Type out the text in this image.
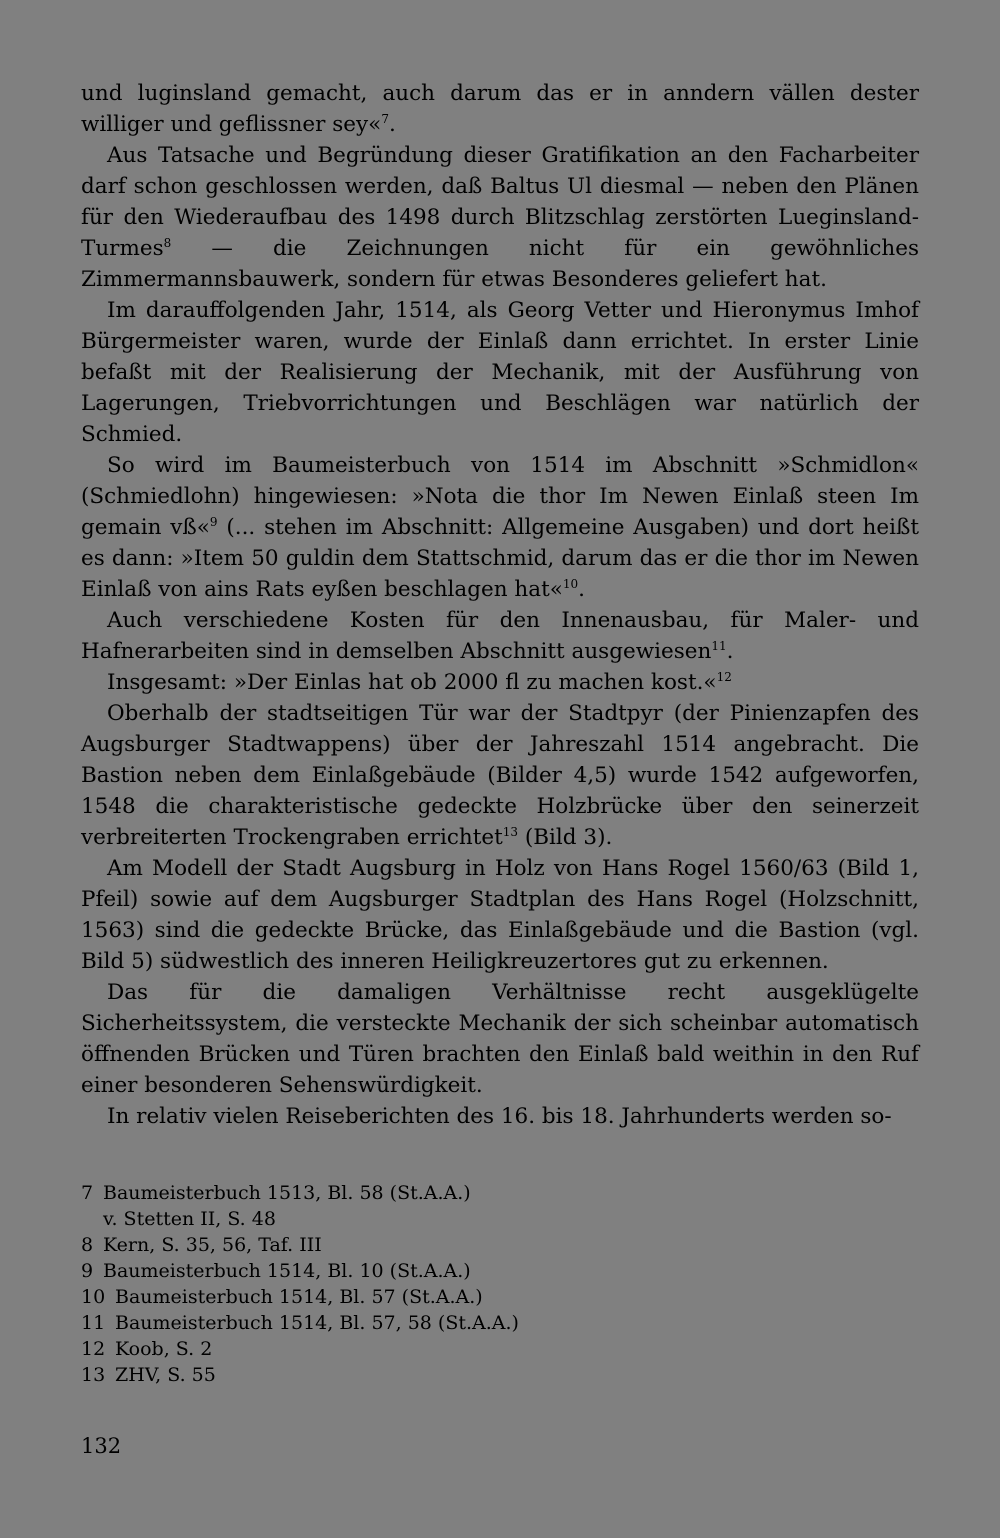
und luginsland gemacht, auch darum das er in anndern vällen dester williger und geflissner sey«$^7$.

Aus Tatsache und Begründung dieser Gratifikation an den Facharbeiter darf schon geschlossen werden, daß Baltus Ul diesmal — neben den Plänen für den Wiederaufbau des 1498 durch Blitzschlag zerstörten Lueginsland-Turmes$^8$ — die Zeichnungen nicht für ein gewöhnliches Zimmermannsbauwerk, sondern für etwas Besonderes geliefert hat.

Im darauffolgenden Jahr, 1514, als Georg Vetter und Hieronymus Imhof Bürgermeister waren, wurde der Einlaß dann errichtet. In erster Linie befaßt mit der Realisierung der Mechanik, mit der Ausführung von Lagerungen, Triebvorrichtungen und Beschlägen war natürlich der Schmied.

So wird im Baumeisterbuch von 1514 im Abschnitt »Schmidlon« (Schmiedlohn) hingewiesen: »Nota die thor Im Newen Einlaß steen Im gemain vß«$^9$ (... stehen im Abschnitt: Allgemeine Ausgaben) und dort heißt es dann: »Item 50 guldin dem Stattschmid, darum das er die thor im Newen Einlaß von ains Rats eyßen beschlagen hat«$^{10}$.

Auch verschiedene Kosten für den Innenausbau, für Maler- und Hafnerarbeiten sind in demselben Abschnitt ausgewiesen$^{11}$.

Insgesamt: »Der Einlas hat ob 2000 fl zu machen kost.«$^{12}$

Oberhalb der stadtseitigen Tür war der Stadtpyr (der Pinienzapfen des Augsburger Stadtwappens) über der Jahreszahl 1514 angebracht. Die Bastion neben dem Einlaßgebäude (Bilder 4,5) wurde 1542 aufgeworfen, 1548 die charakteristische gedeckte Holzbrücke über den seinerzeit verbreiterten Trockengraben errichtet$^{13}$ (Bild 3).

Am Modell der Stadt Augsburg in Holz von Hans Rogel 1560/63 (Bild 1, Pfeil) sowie auf dem Augsburger Stadtplan des Hans Rogel (Holzschnitt, 1563) sind die gedeckte Brücke, das Einlaßgebäude und die Bastion (vgl. Bild 5) südwestlich des inneren Heiligkreuzertores gut zu erkennen.

Das für die damaligen Verhältnisse recht ausgeklügelte Sicherheitssystem, die versteckte Mechanik der sich scheinbar automatisch öffnenden Brücken und Türen brachten den Einlaß bald weithin in den Ruf einer besonderen Sehenswürdigkeit.

In relativ vielen Reiseberichten des 16. bis 18. Jahrhunderts werden so-

7 Baumeisterbuch 1513, Bl. 58 (St.A.A.)
v. Stetten II, S. 48
8 Kern, S. 35, 56, Taf. III
9 Baumeisterbuch 1514, Bl. 10 (St.A.A.)
10 Baumeisterbuch 1514, Bl. 57 (St.A.A.)
11 Baumeisterbuch 1514, Bl. 57, 58 (St.A.A.)
12 Koob, S. 2
13 ZHV, S. 55
132
